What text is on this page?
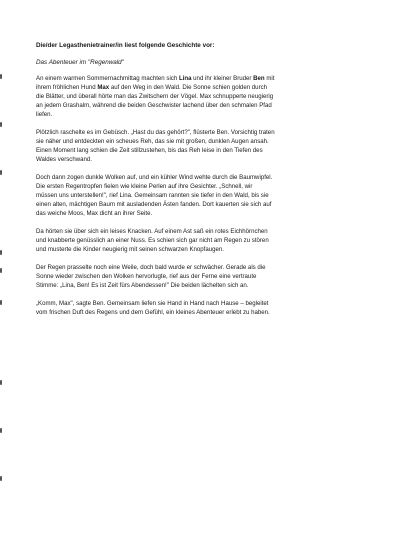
Die/der Legasthenietrainer/in liest folgende Geschichte vor:
Das Abenteuer im "Regenwald"

An einem warmen Sommernachmittag machten sich Lina und ihr kleiner Bruder Ben mit
ihrem fröhlichen Hund Max auf den Weg in den Wald. Die Sonne schien golden durch
die Blätter, und überall hörte man das Zwitschern der Vögel. Max schnupperte neugierig
an jedem Grashalm, während die beiden Geschwister lachend über den schmalen Pfad
liefen.

Plötzlich raschelte es im Gebüsch. „Hast du das gehört?", flüsterte Ben. Vorsichtig traten
sie näher und entdeckten ein scheues Reh, das sie mit großen, dunklen Augen ansah.
Einen Moment lang schien die Zeit stillzustehen, bis das Reh leise in den Tiefen des
Waldes verschwand.

Doch dann zogen dunkle Wolken auf, und ein kühler Wind wehte durch die Baumwipfel.
Die ersten Regentropfen fielen wie kleine Perlen auf ihre Gesichter. „Schnell, wir
müssen uns unterstellen!", rief Lina. Gemeinsam rannten sie tiefer in den Wald, bis sie
einen alten, mächtigen Baum mit ausladenden Ästen fanden. Dort kauerten sie sich auf
das weiche Moos, Max dicht an ihrer Seite.

Da hörten sie über sich ein leises Knacken. Auf einem Ast saß ein rotes Eichhörnchen
und knabberte genüsslich an einer Nuss. Es schien sich gar nicht am Regen zu stören
und musterte die Kinder neugierig mit seinen schwarzen Knopfaugen.

Der Regen prasselte noch eine Weile, doch bald wurde er schwächer. Gerade als die
Sonne wieder zwischen den Wolken hervorlugte, rief aus der Ferne eine vertraute
Stimme: „Lina, Ben! Es ist Zeit fürs Abendessen!" Die beiden lächelten sich an.

„Komm, Max", sagte Ben. Gemeinsam liefen sie Hand in Hand nach Hause – begleitet
vom frischen Duft des Regens und dem Gefühl, ein kleines Abenteuer erlebt zu haben.
